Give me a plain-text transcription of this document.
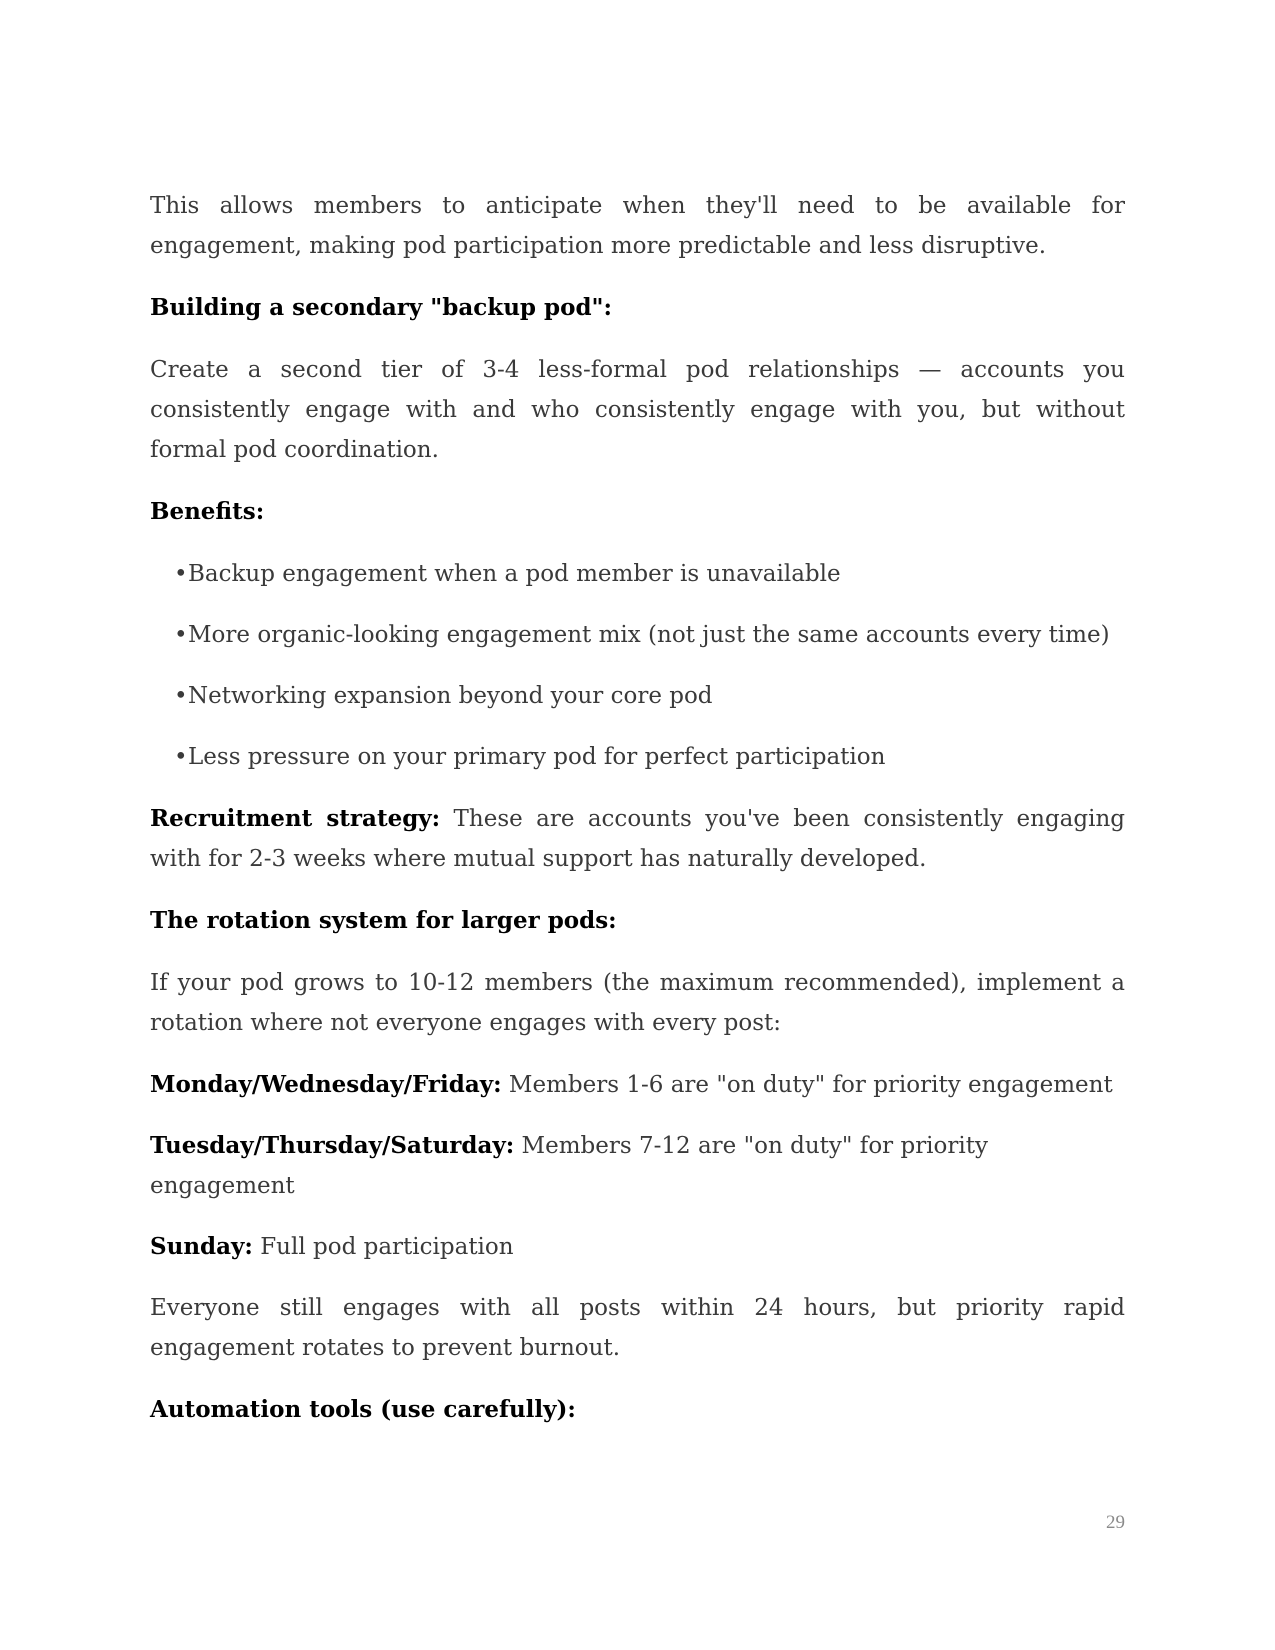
This allows members to anticipate when they'll need to be available for engagement, making pod participation more predictable and less disruptive.

Building a secondary "backup pod":

Create a second tier of 3-4 less-formal pod relationships — accounts you consistently engage with and who consistently engage with you, but without formal pod coordination.

Benefits:
•Backup engagement when a pod member is unavailable
•More organic-looking engagement mix (not just the same accounts every time)
•Networking expansion beyond your core pod
•Less pressure on your primary pod for perfect participation

Recruitment strategy: These are accounts you've been consistently engaging with for 2-3 weeks where mutual support has naturally developed.

The rotation system for larger pods:

If your pod grows to 10-12 members (the maximum recommended), implement a rotation where not everyone engages with every post:

Monday/Wednesday/Friday: Members 1-6 are "on duty" for priority engagement

Tuesday/Thursday/Saturday: Members 7-12 are "on duty" for priority engagement

Sunday: Full pod participation

Everyone still engages with all posts within 24 hours, but priority rapid engagement rotates to prevent burnout.

Automation tools (use carefully):
29
